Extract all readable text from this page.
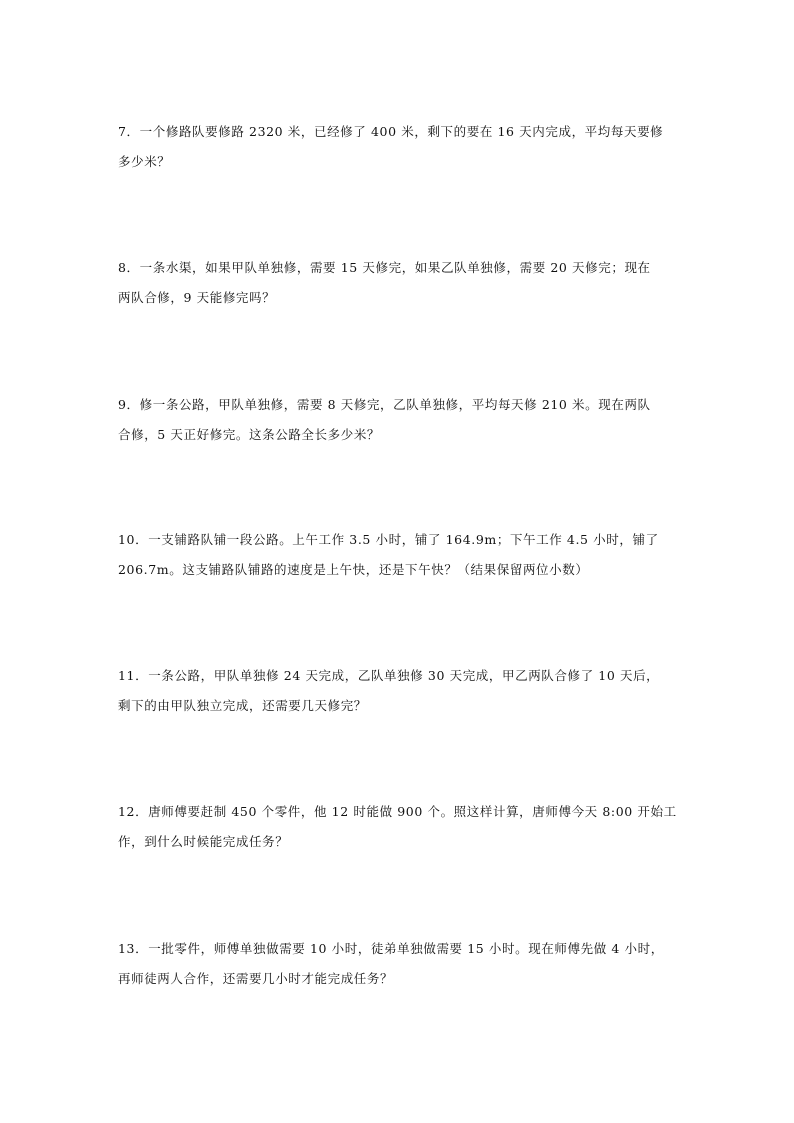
7．一个修路队要修路 2320 米，已经修了 400 米，剩下的要在 16 天内完成，平均每天要修
多少米？
8．一条水渠，如果甲队单独修，需要 15 天修完，如果乙队单独修，需要 20 天修完；现在
两队合修，9 天能修完吗？
9．修一条公路，甲队单独修，需要 8 天修完，乙队单独修，平均每天修 210 米。现在两队
合修，5 天正好修完。这条公路全长多少米？
10．一支铺路队铺一段公路。上午工作 3.5 小时，铺了 164.9m；下午工作 4.5 小时，铺了
206.7m。这支铺路队铺路的速度是上午快，还是下午快？（结果保留两位小数）
11．一条公路，甲队单独修 24 天完成，乙队单独修 30 天完成，甲乙两队合修了 10 天后，
剩下的由甲队独立完成，还需要几天修完？
12．唐师傅要赶制 450 个零件，他 12 时能做 900 个。照这样计算，唐师傅今天 8:00 开始工
作，到什么时候能完成任务？
13．一批零件，师傅单独做需要 10 小时，徒弟单独做需要 15 小时。现在师傅先做 4 小时，
再师徒两人合作，还需要几小时才能完成任务？
